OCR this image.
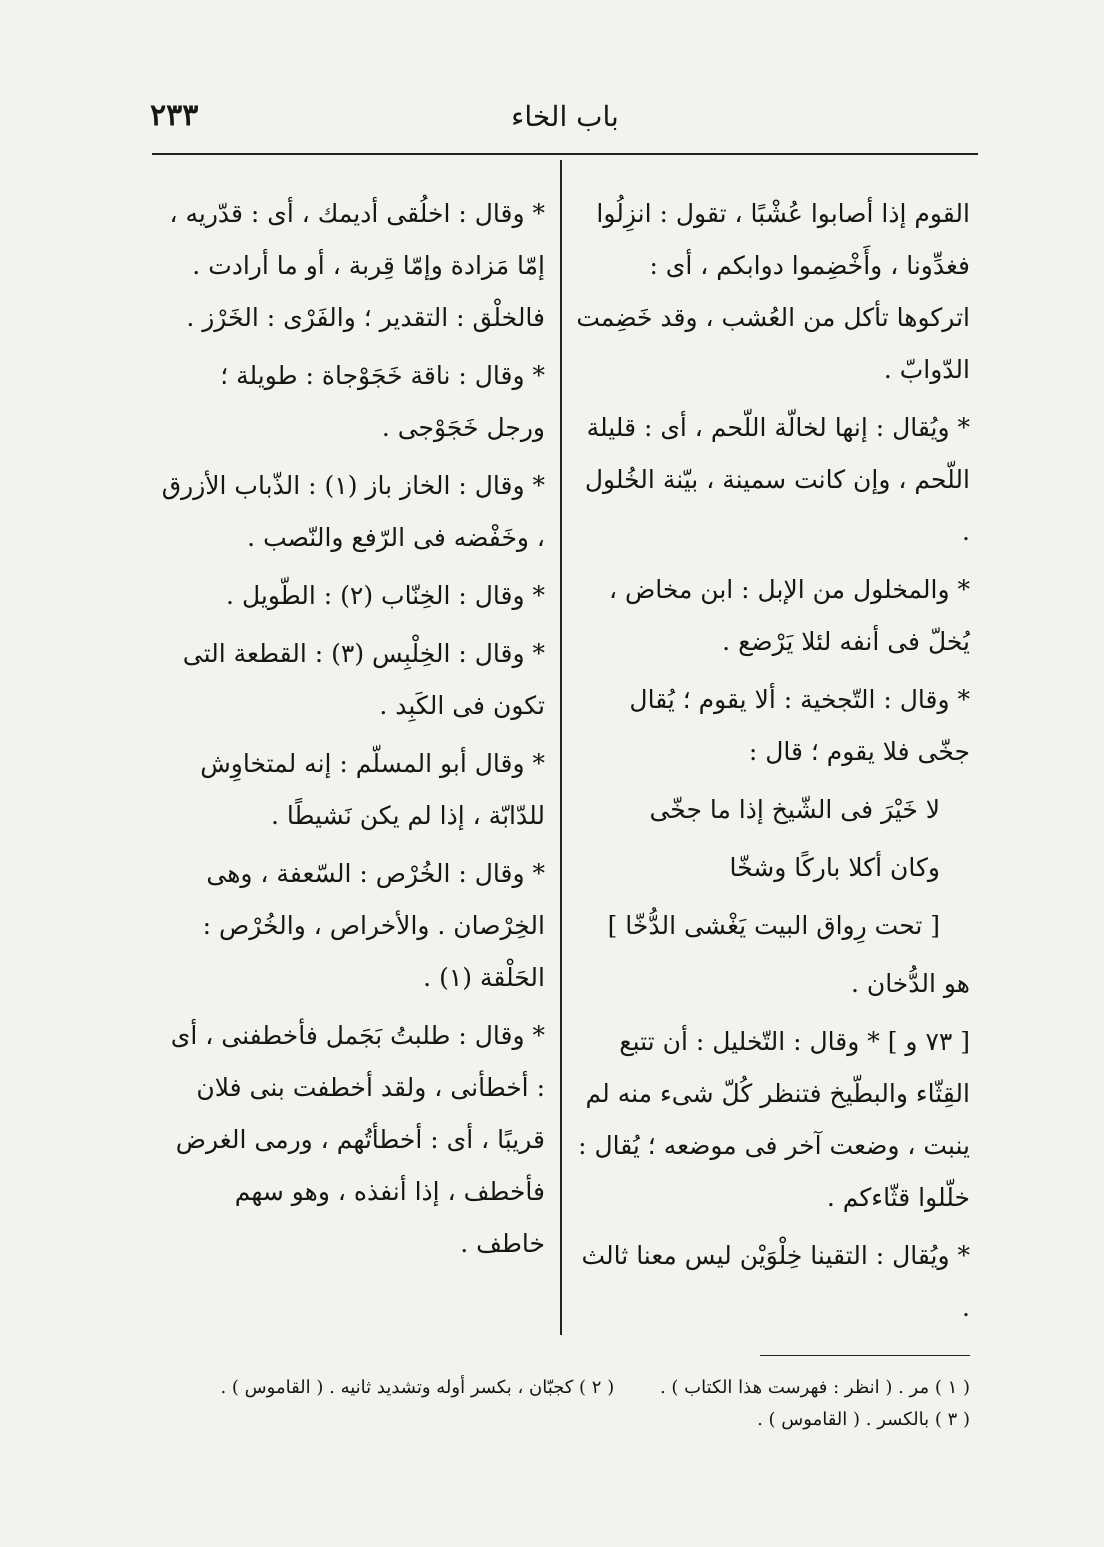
٢٣٣	باب الخاء

القوم إذا أصابوا عُشْبًا ، تقول : انزِلُوا فغدِّونا ، وأَخْضِموا دوابكم ، أى : اتركوها تأكل من العُشب ، وقد خَضِمت الدّوابّ .

* ويُقال : إنها لخالّة اللّحم ، أى : قليلة اللّحم ، وإن كانت سمينة ، بيّنة الخُلول .

* والمخلول من الإبل : ابن مخاض ، يُخلّ فى أنفه لئلا يَرْضع .

* وقال : التّجخية : ألا يقوم ؛ يُقال جخّى فلا يقوم ؛ قال :

لا خَيْرَ فى الشّيخ إذا ما جخّى

وكان أكلا باركًا وشخّا

[ تحت رِواق البيت يَغْشى الدُّخّا ]

هو الدُّخان .

[ ٧٣ و ] * وقال : التّخليل : أن تتبع القِثّاء والبطّيخ فتنظر كُلّ شىء منه لم ينبت ، وضعت آخر فى موضعه ؛ يُقال : خلّلوا قثّاءكم .

* ويُقال : التقينا خِلْوَيْن ليس معنا ثالث .

* وقال : اخلُقى أديمك ، أى : قدّريه ، إمّا مَزادة وإمّا قِربة ، أو ما أرادت . فالخلْق : التقدير ؛ والفَرْى : الخَرْز .

* وقال : ناقة خَجَوْجاة : طويلة ؛ ورجل خَجَوْجى .

* وقال : الخاز باز (١) : الذّباب الأزرق ، وخَفْضه فى الرّفع والنّصب .

* وقال : الخِنّاب (٢) : الطّويل .

* وقال : الخِلْبِس (٣) : القطعة التى تكون فى الكَبِد .

* وقال أبو المسلّم : إنه لمتخاوِش للدّابّة ، إذا لم يكن نَشيطًا .

* وقال : الخُرْص : السّعفة ، وهى الخِرْصان . والأخراص ، والخُرْص : الحَلْقة (١) .

* وقال : طلبتُ بَجَمل فأخطفنى ، أى : أخطأنى ، ولقد أخطفت بنى فلان قريبًا ، أى : أخطأتُهم ، ورمى الغرض فأخطف ، إذا أنفذه ، وهو سهم خاطف .

( ١ ) مر . ( انظر : فهرست هذا الكتاب ) . ( ٢ ) كجبّان ، بكسر أوله وتشديد ثانيه . ( القاموس ) .
( ٣ ) بالكسر . ( القاموس ) .
